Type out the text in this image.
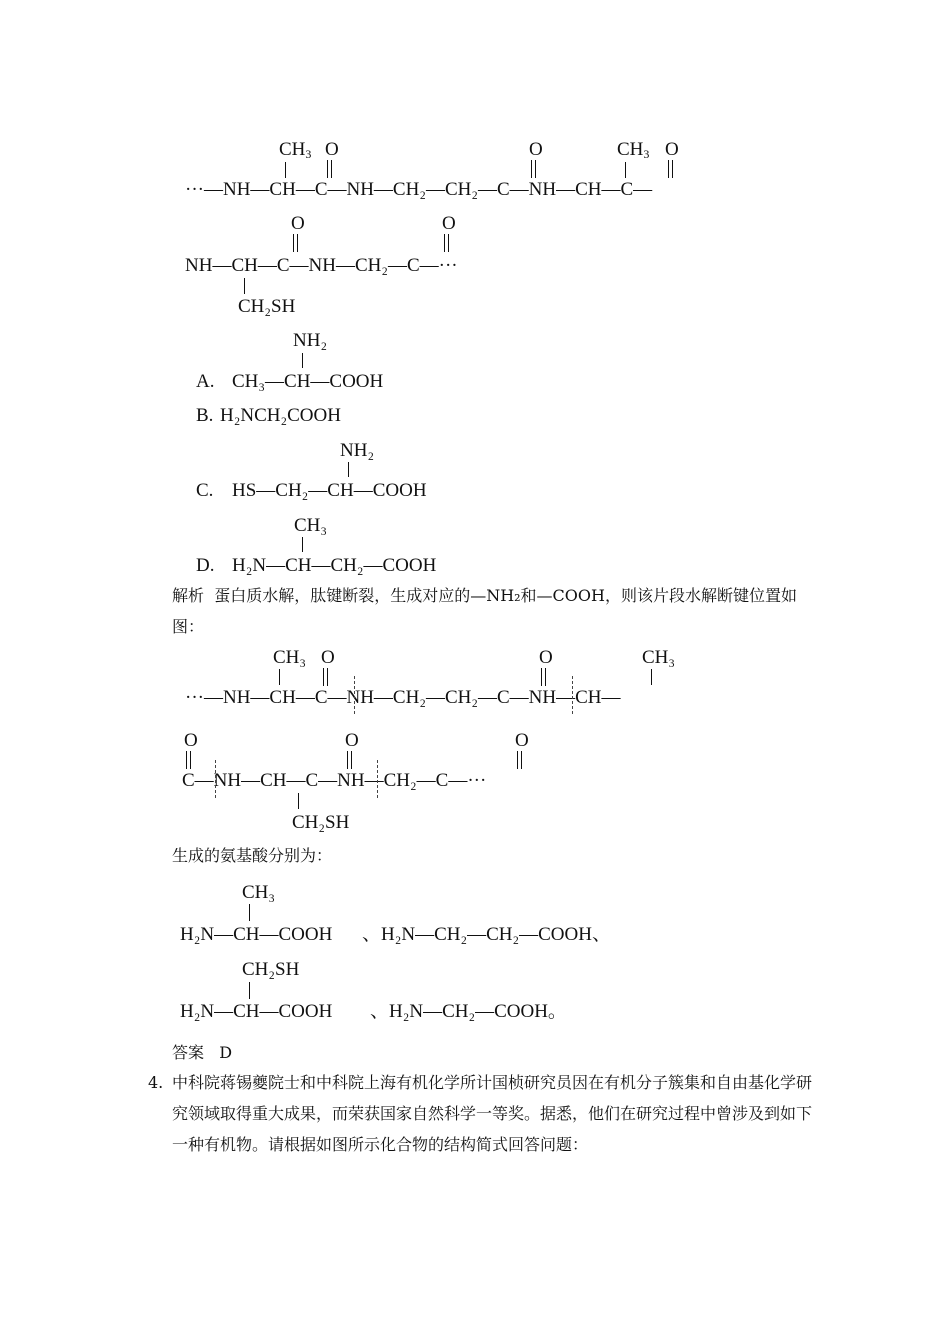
$CH_3$ O	O	$CH_3$ O
···—NH—CH—C—NH—CH₂—CH₂—C—NH—CH—C—
O	O
NH—CH—C—NH—CH₂—C—···
CH₂SH
NH₂
A. CH₃—CH—COOH
B. H₂NCH₂COOH
NH₂
C. HS—CH₂—CH—COOH
CH₃
D. H₂N—CH—CH₂—COOH
解析 蛋白质水解，肽键断裂，生成对应的—NH₂和—COOH，则该片段水解断键位置如图：
CH₃ O	O	CH₃
···—NH—CH—C—NH—CH₂—CH₂—C—NH—CH—
O	O	O
C—NH—CH—C—NH—CH₂—C—···
CH₂SH
生成的氨基酸分别为：
CH₃
H₂N—CH—COOH 、H₂N—CH₂—CH₂—COOH、
CH₂SH
H₂N—CH—COOH 、H₂N—CH₂—COOH。
答案 D
4. 中科院蒋锡夔院士和中科院上海有机化学所计国桢研究员因在有机分子簇集和自由基化学研究领域取得重大成果，而荣获国家自然科学一等奖。据悉，他们在研究过程中曾涉及到如下一种有机物。请根据如图所示化合物的结构简式回答问题：
